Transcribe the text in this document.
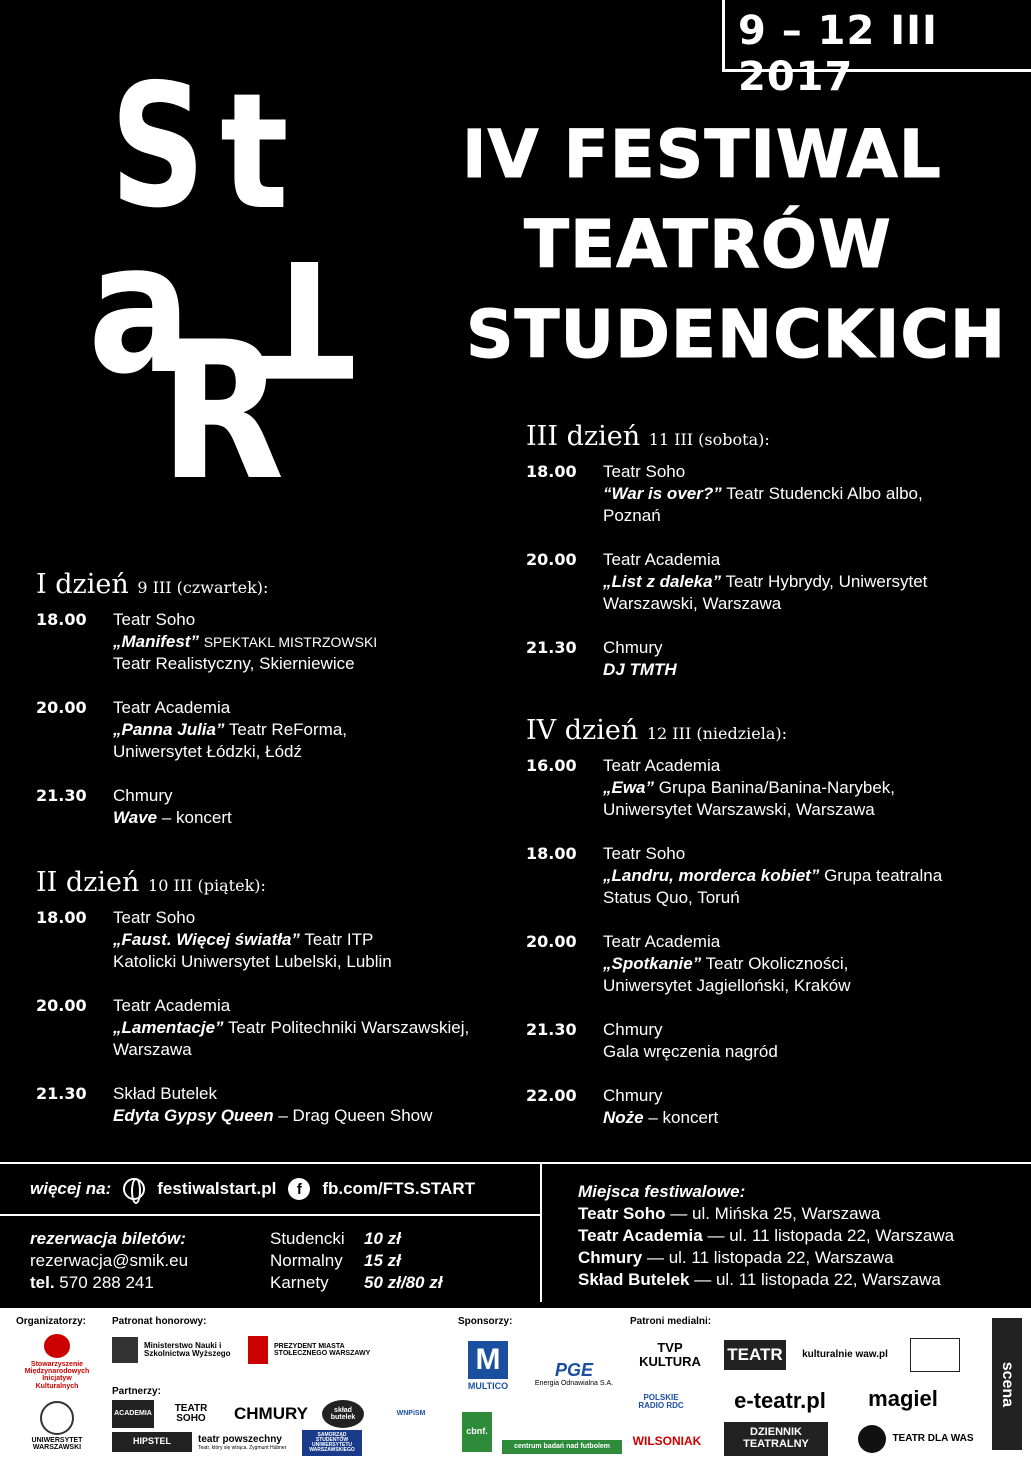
9 – 12 III 2017
S t
a
R
T
IV FESTIWAL
TEATRÓW
STUDENCKICH
I dzień 9 III (czwartek):
18.00	Teatr Soho
„Manifest” SPEKTAKL MISTRZOWSKI
Teatr Realistyczny, Skierniewice
20.00	Teatr Academia
„Panna Julia” Teatr ReForma,
Uniwersytet Łódzki, Łódź
21.30	Chmury
Wave – koncert
II dzień 10 III (piątek):
18.00	Teatr Soho
„Faust. Więcej światła” Teatr ITP
Katolicki Uniwersytet Lubelski, Lublin
20.00	Teatr Academia
„Lamentacje” Teatr Politechniki Warszawskiej,
Warszawa
21.30	Skład Butelek
Edyta Gypsy Queen – Drag Queen Show
III dzień 11 III (sobota):
18.00	Teatr Soho
“War is over?” Teatr Studencki Albo albo,
Poznań
20.00	Teatr Academia
„List z daleka” Teatr Hybrydy, Uniwersytet
Warszawski, Warszawa
21.30	Chmury
DJ TMTH
IV dzień 12 III (niedziela):
16.00	Teatr Academia
„Ewa” Grupa Banina/Banina-Narybek,
Uniwersytet Warszawski, Warszawa
18.00	Teatr Soho
„Landru, morderca kobiet” Grupa teatralna
Status Quo, Toruń
20.00	Teatr Academia
„Spotkanie” Teatr Okoliczności,
Uniwersytet Jagielloński, Kraków
21.30	Chmury
Gala wręczenia nagród
22.00	Chmury
Noże – koncert
więcej na:	festiwalstart.pl	f	fb.com/FTS.START
rezerwacja biletów:
rezerwacja@smik.eu
tel. 570 288 241
Studencki	10 zł
Normalny	15 zł
Karnety	50 zł/80 zł
Miejsca festiwalowe:
Teatr Soho — ul. Mińska 25, Warszawa
Teatr Academia — ul. 11 listopada 22, Warszawa
Chmury — ul. 11 listopada 22, Warszawa
Skład Butelek — ul. 11 listopada 22, Warszawa
Organizatorzy:	Patronat honorowy:
Partnerzy:
Sponsorzy:	Patroni medialni:
Stowarzyszenie Międzynarodowych Inicjatyw Kulturalnych
UNIWERSYTET WARSZAWSKI
Ministerstwo Nauki i Szkolnictwa Wyższego
PREZYDENT MIASTA STOŁECZNEGO WARSZAWY
ACADEMIA
TEATR SOHO	CHMURY	skład butelek
WNPiSM
HIPSTEL	teatr powszechny
Teatr, który się wtrąca. Zygmunt Hübner
SAMORZĄD STUDENTÓW UNIWERSYTETU WARSZAWSKIEGO
M
MULTICO
PGE
Energia Odnawialna S.A.
cbnf.
centrum badań nad futbolem
TVP KULTURA	TEATR	kulturalnie waw.pl
POLSKIE RADIO RDC	e-teatr.pl	magiel
WILSONIAK
DZIENNIK TEATRALNY	TEATR DLA WAS
scena
